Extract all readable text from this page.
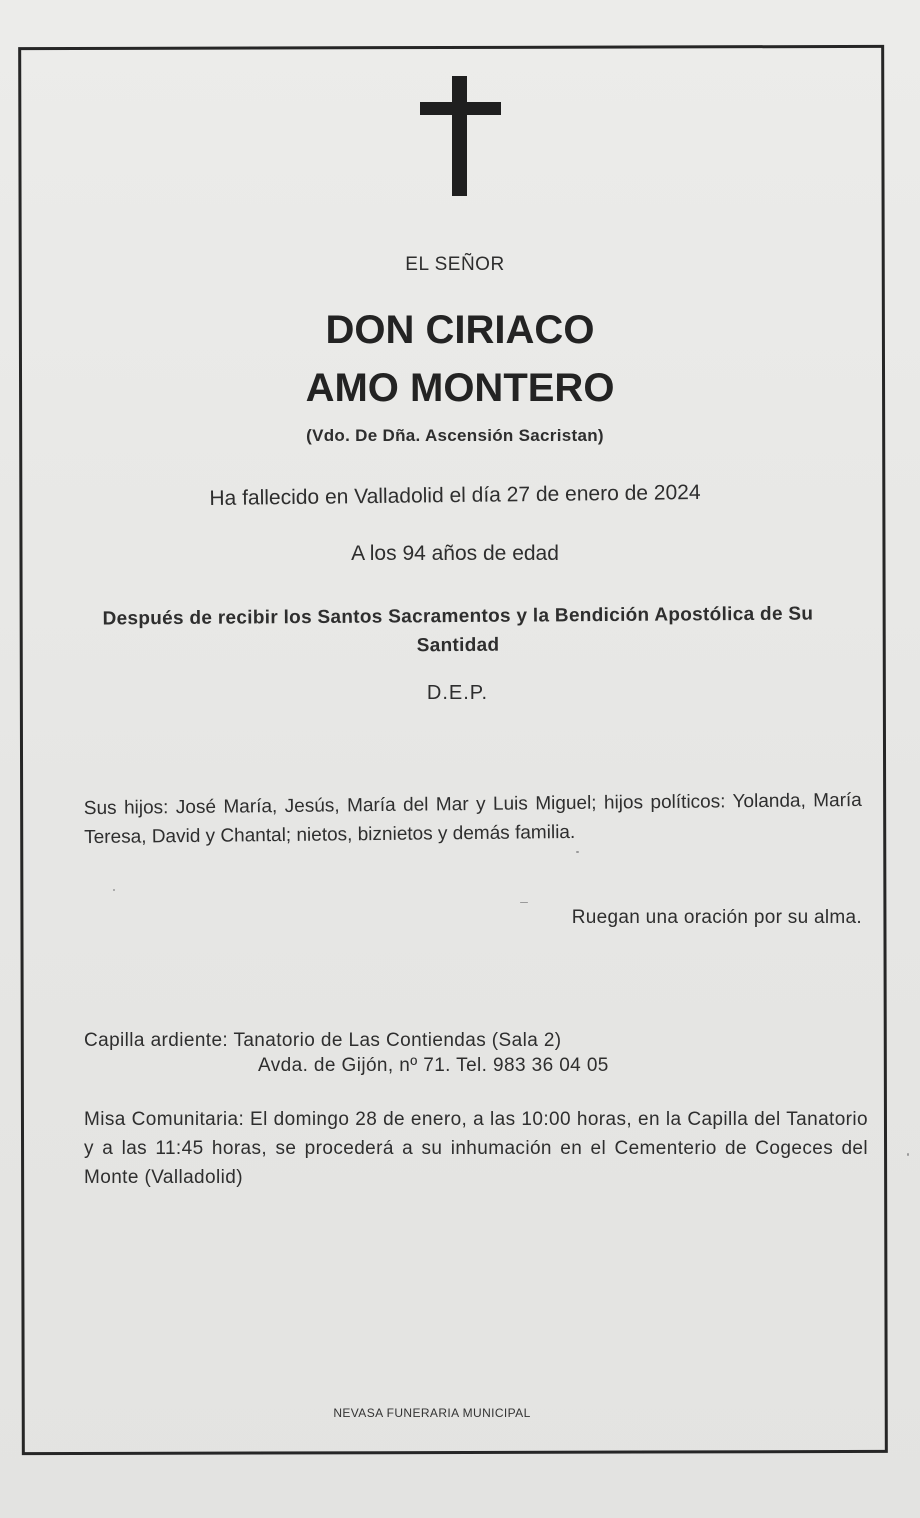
EL SEÑOR
DON CIRIACO
AMO MONTERO
(Vdo. De Dña. Ascensión Sacristan)
Ha fallecido en Valladolid el día 27 de enero de 2024
A los 94 años de edad
Después de recibir los Santos Sacramentos y la Bendición Apostólica de Su Santidad
D.E.P.
Sus hijos: José María, Jesús, María del Mar y Luis Miguel; hijos políticos: Yolanda, María Teresa, David y Chantal; nietos, biznietos y demás familia.
Ruegan una oración por su alma.
Capilla ardiente: Tanatorio de Las Contiendas (Sala 2)
Avda. de Gijón, nº 71. Tel. 983 36 04 05
Misa Comunitaria: El domingo 28 de enero, a las 10:00 horas, en la Capilla del Tanatorio y a las 11:45 horas, se procederá a su inhumación en el Cementerio de Cogeces del Monte (Valladolid)
NEVASA FUNERARIA MUNICIPAL
